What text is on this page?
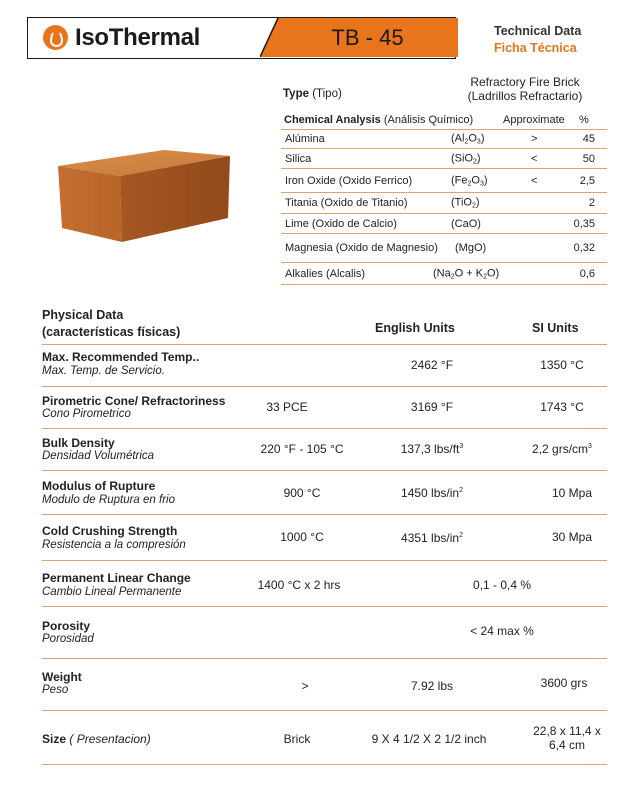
IsoThermal	TB - 45	Technical Data
Ficha Técnica
Type (Tipo)
Refractory Fire Brick
(Ladrillos Refractario)
Chemical Analysis (Análisis Químico)	Approximate %
Alúmina	$(Al_2O_3)$	>	45
Silica	(SiO$_2$)	<	50
Iron Oxide (Oxido Ferrico)	$(Fe_2O_3)$	<	2,5
Titania (Oxido de Titanio)	(TiO$_2$)	2
Lime (Oxido de Calcio)	(CaO)	0,35
Magnesia (Oxido de Magnesio) (MgO)	0,32
Alkalies (Alcalis)	$(Na_2O + K_2O)$	0,6
Physical Data
(características físicas)	English Units	SI Units
Max. Recommended Temp..
Max. Temp. de Servicio.	2462 °F	1350 °C
Pirometric Cone/ Refractoriness
Cono Pirometrico	33 PCE	3169 °F	1743 °C
Bulk Density
Densidad Volumétrica	220 °F - 105 °C	137,3 lbs/$ft^3$	2,2 grs/$cm^3$
Modulus of Rupture
Modulo de Ruptura en frio	900 °C	1450 lbs/$in^2$	10 Mpa
Cold Crushing Strength
Resistencia a la compresión
1000 °C	4351 lbs/$in^2$	30 Mpa
Permanent Linear Change
Cambio Lineal Permanente	1400 °C x 2 hrs	0,1 - 0,4 %
Porosity
Porosidad
< 24 max %
Weight
Peso	>	7.92 lbs	3600 grs
Size ( Presentacion)	Brick	9 X 4 1/2 X 2 1/2 inch
22,8 x 11,4 x
6,4 cm
